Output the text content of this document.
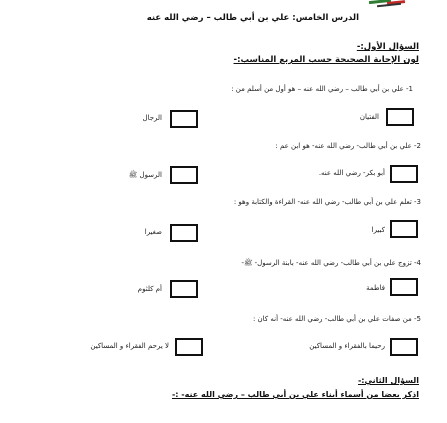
الدرس الخامس: علي بن أبي طالب – رضي الله عنه
السؤال الأول:-
لون الإجابة الصحيحة حسب المربع المناسب:-
1- علي بن أبي طالب – رضي الله عنه – هو أول من أسلم من :
الفتيان
الرجال
2- علي بن أبي طالب- رضي الله عنه- هو ابن عم :
أبو بكر- رضي الله عنه.
الرسول ﷺ
3- تعلم علي بن أبي طالب- رضي الله عنه- القراءة والكتابة وهو :
كبيرا
صغيرا
4- تزوج علي بن أبي طالب- رضي الله عنه- بابنة الرسول- ﷺ-
فاطمة
أم كلثوم
5- من صفات علي بن أبي طالب- رضي الله عنه- أنه كان :
رحيما بالفقراء و المساكين
لا يرحم الفقراء و المساكين
السؤال الثاني:-
اذكر بعضا من أسماء أبناء علي بن أبي طالب – رضي الله عنه- :-
